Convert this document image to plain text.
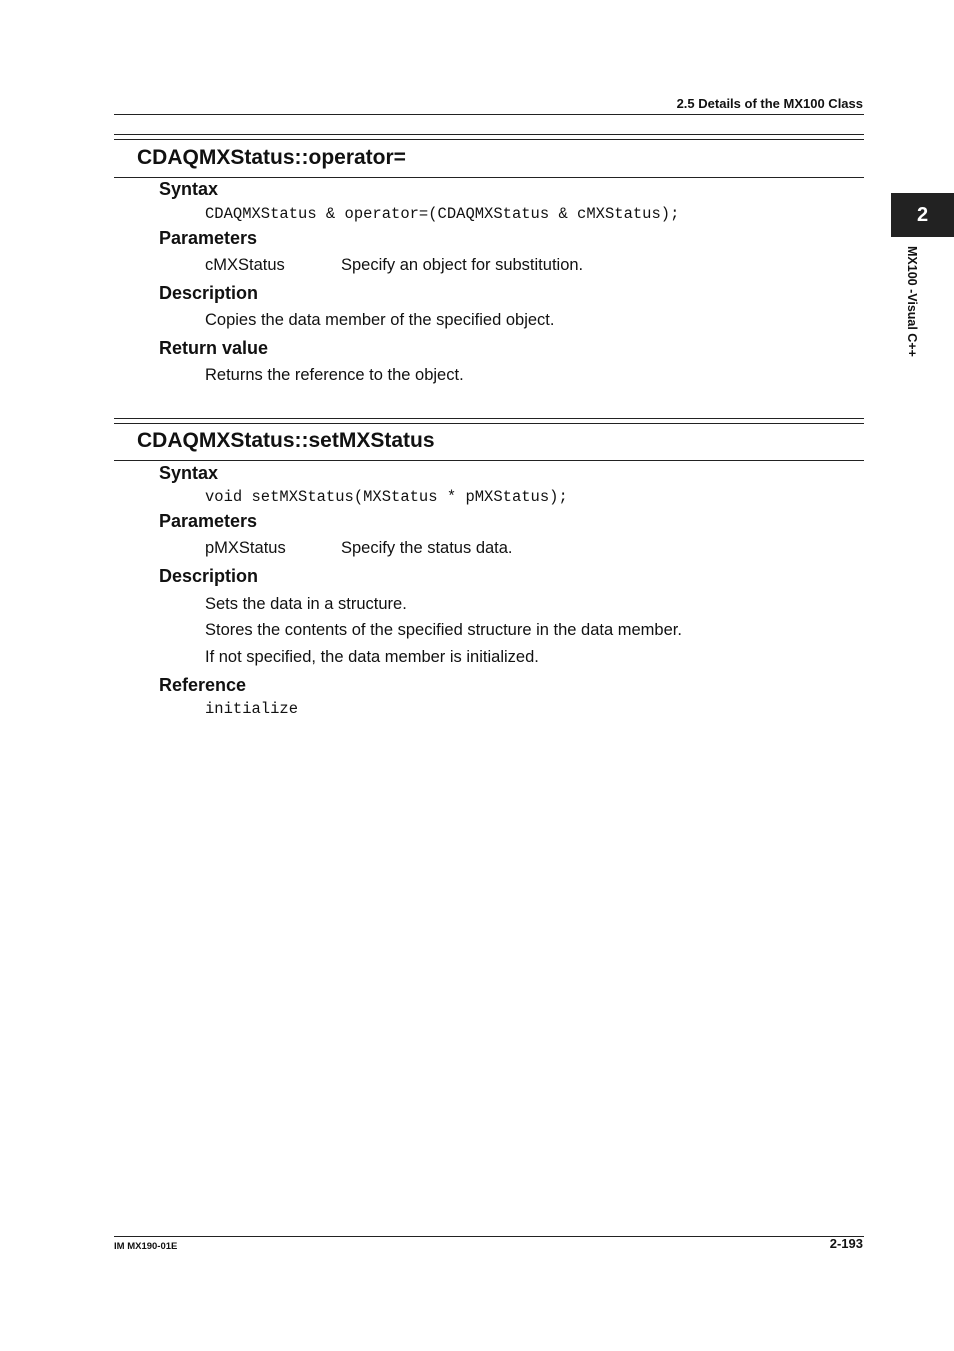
2.5 Details of the MX100 Class
2
MX100 -Visual C++
CDAQMXStatus::operator=
Syntax
CDAQMXStatus & operator=(CDAQMXStatus & cMXStatus);
Parameters
cMXStatus	Specify an object for substitution.
Description
Copies the data member of the specified object.
Return value
Returns the reference to the object.
CDAQMXStatus::setMXStatus
Syntax
void setMXStatus(MXStatus * pMXStatus);
Parameters
pMXStatus	Specify the status data.
Description
Sets the data in a structure.
Stores the contents of the specified structure in the data member.
If not specified, the data member is initialized.
Reference
initialize
IM MX190-01E	2-193
